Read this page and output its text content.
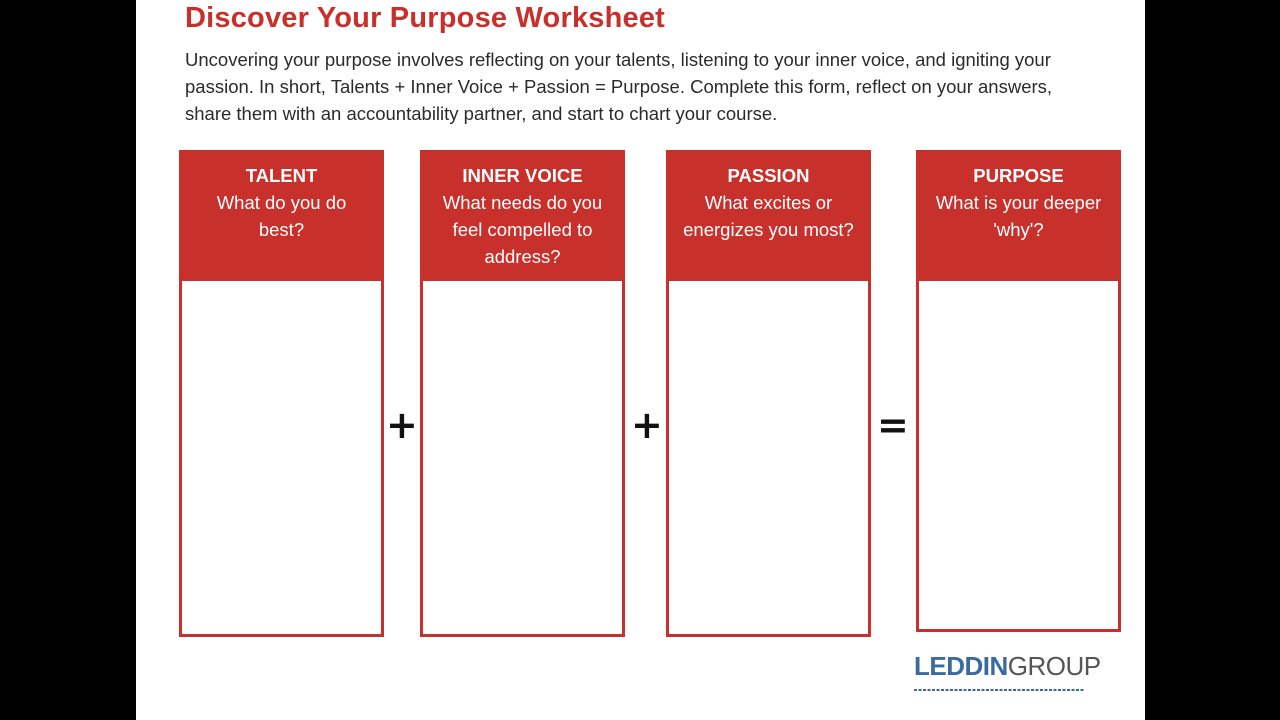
Discover Your Purpose Worksheet

Uncovering your purpose involves reflecting on your talents, listening to your inner voice, and igniting your passion. In short, Talents + Inner Voice + Passion = Purpose. Complete this form, reflect on your answers, share them with an accountability partner, and start to chart your course.

TALENT
What do you do best?
+
INNER VOICE
What needs do you feel compelled to address?
+
PASSION
What excites or energizes you most?
=
PURPOSE
What is your deeper 'why'?
LEDDINGROUP
